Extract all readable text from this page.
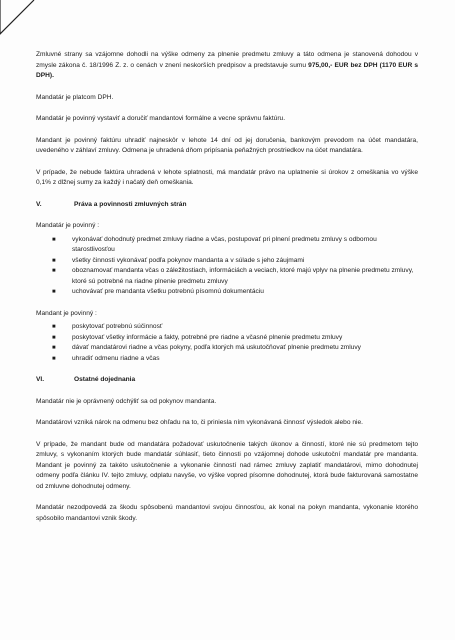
Zmluvné strany sa vzájomne dohodli na výške odmeny za plnenie predmetu zmluvy a táto odmena je stanovená dohodou v zmysle zákona č. 18/1996 Z. z. o cenách v znení neskorších predpisov a predstavuje sumu 975,00,- EUR bez DPH (1170 EUR s DPH).

Mandatár je platcom DPH.

Mandatár je povinný vystaviť a doručiť mandantovi formálne a vecne správnu faktúru.

Mandant je povinný faktúru uhradiť najneskôr v lehote 14 dní od jej doručenia, bankovým prevodom na účet mandatára, uvedeného v záhlaví zmluvy. Odmena je uhradená dňom pripísania peňažných prostriedkov na účet mandatára.

V prípade, že nebude faktúra uhradená v lehote splatnosti, má mandatár právo na uplatnenie si úrokov z omeškania vo výške 0,1% z dlžnej sumy za každý i načatý deň omeškania.

V.	Práva a povinnosti zmluvných strán

Mandatár je povinný :

■ vykonávať dohodnutý predmet zmluvy riadne a včas, postupovať pri plnení predmetu zmluvy s odbornou starostlivosťou
■ všetky činnosti vykonávať podľa pokynov mandanta a v súlade s jeho záujmami
■ oboznamovať mandanta včas o záležitostiach, informáciách a veciach, ktoré majú vplyv na plnenie predmetu zmluvy, ktoré sú potrebné na riadne plnenie predmetu zmluvy
■ uchovávať pre mandanta všetku potrebnú písomnú dokumentáciu

Mandant je povinný :

■ poskytovať potrebnú súčinnosť
■ poskytovať všetky informácie a fakty, potrebné pre riadne a včasné plnenie predmetu zmluvy
■ dávať mandatárovi riadne a včas pokyny, podľa ktorých má uskutočňovať plnenie predmetu zmluvy
■ uhradiť odmenu riadne a včas
VI.	Ostatné dojednania

Mandatár nie je oprávnený odchýliť sa od pokynov mandanta.

Mandatárovi vzniká nárok na odmenu bez ohľadu na to, či priniesla ním vykonávaná činnosť výsledok alebo nie.

V prípade, že mandant bude od mandatára požadovať uskutočnenie takých úkonov a činností, ktoré nie sú predmetom tejto zmluvy, s vykonaním ktorých bude mandatár súhlasiť, tieto činnosti po vzájomnej dohode uskutoční mandatár pre mandanta. Mandant je povinný za takéto uskutočnenie a vykonanie činností nad rámec zmluvy zaplatiť mandatárovi, mimo dohodnutej odmeny podľa článku IV. tejto zmluvy, odplatu navyše, vo výške vopred písomne dohodnutej, ktorá bude fakturovaná samostatne od zmluvne dohodnutej odmeny.

Mandatár nezodpovedá za škodu spôsobenú mandantovi svojou činnosťou, ak konal na pokyn mandanta, vykonanie ktorého spôsobilo mandantovi vznik škody.
